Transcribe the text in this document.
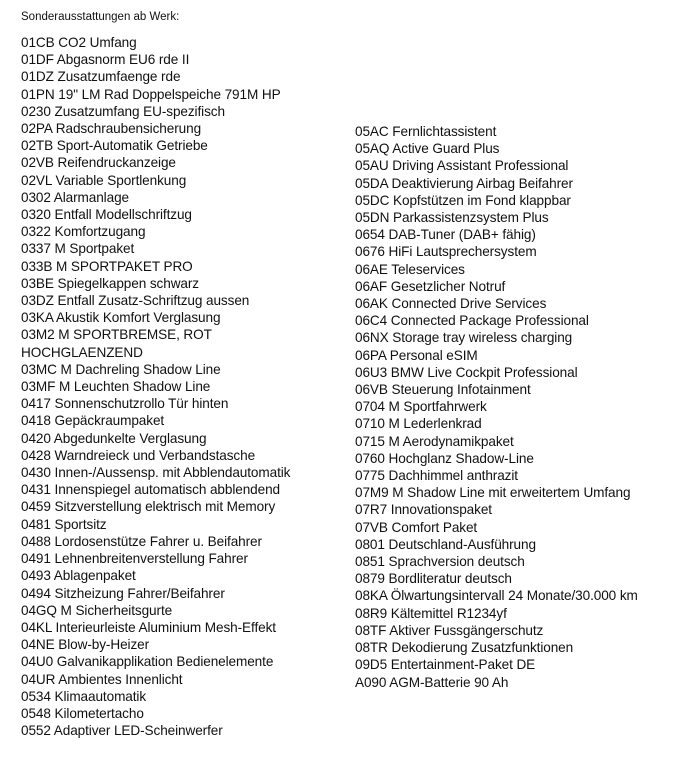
Sonderausstattungen ab Werk:
01CB CO2 Umfang
01DF Abgasnorm EU6 rde II
01DZ Zusatzumfaenge rde
01PN 19" LM Rad Doppelspeiche 791M HP
0230 Zusatzumfang EU-spezifisch
02PA Radschraubensicherung
02TB Sport-Automatik Getriebe
02VB Reifendruckanzeige
02VL Variable Sportlenkung
0302 Alarmanlage
0320 Entfall Modellschriftzug
0322 Komfortzugang
0337 M Sportpaket
033B M SPORTPAKET PRO
03BE Spiegelkappen schwarz
03DZ Entfall Zusatz-Schriftzug aussen
03KA Akustik Komfort Verglasung
03M2 M SPORTBREMSE, ROT HOCHGLAENZEND
03MC M Dachreling Shadow Line
03MF M Leuchten Shadow Line
0417 Sonnenschutzrollo Tür hinten
0418 Gepäckraumpaket
0420 Abgedunkelte Verglasung
0428 Warndreieck und Verbandstasche
0430 Innen-/Aussensp. mit Abblendautomatik
0431 Innenspiegel automatisch abblendend
0459 Sitzverstellung elektrisch mit Memory
0481 Sportsitz
0488 Lordosenstütze Fahrer u. Beifahrer
0491 Lehnenbreitenverstellung Fahrer
0493 Ablagenpaket
0494 Sitzheizung Fahrer/Beifahrer
04GQ M Sicherheitsgurte
04KL Interieurleiste Aluminium Mesh-Effekt
04NE Blow-by-Heizer
04U0 Galvanikapplikation Bedienelemente
04UR Ambientes Innenlicht
0534 Klimaautomatik
0548 Kilometertacho
0552 Adaptiver LED-Scheinwerfer
05AC Fernlichtassistent
05AQ Active Guard Plus
05AU Driving Assistant Professional
05DA Deaktivierung Airbag Beifahrer
05DC Kopfstützen im Fond klappbar
05DN Parkassistenzsystem Plus
0654 DAB-Tuner (DAB+ fähig)
0676 HiFi Lautsprechersystem
06AE Teleservices
06AF Gesetzlicher Notruf
06AK Connected Drive Services
06C4 Connected Package Professional
06NX Storage tray wireless charging
06PA Personal eSIM
06U3 BMW Live Cockpit Professional
06VB Steuerung Infotainment
0704 M Sportfahrwerk
0710 M Lederlenkrad
0715 M Aerodynamikpaket
0760 Hochglanz Shadow-Line
0775 Dachhimmel anthrazit
07M9 M Shadow Line mit erweitertem Umfang
07R7 Innovationspaket
07VB Comfort Paket
0801 Deutschland-Ausführung
0851 Sprachversion deutsch
0879 Bordliteratur deutsch
08KA Ölwartungsintervall 24 Monate/30.000 km
08R9 Kältemittel R1234yf
08TF Aktiver Fussgängerschutz
08TR Dekodierung Zusatzfunktionen
09D5 Entertainment-Paket DE
A090 AGM-Batterie 90 Ah
